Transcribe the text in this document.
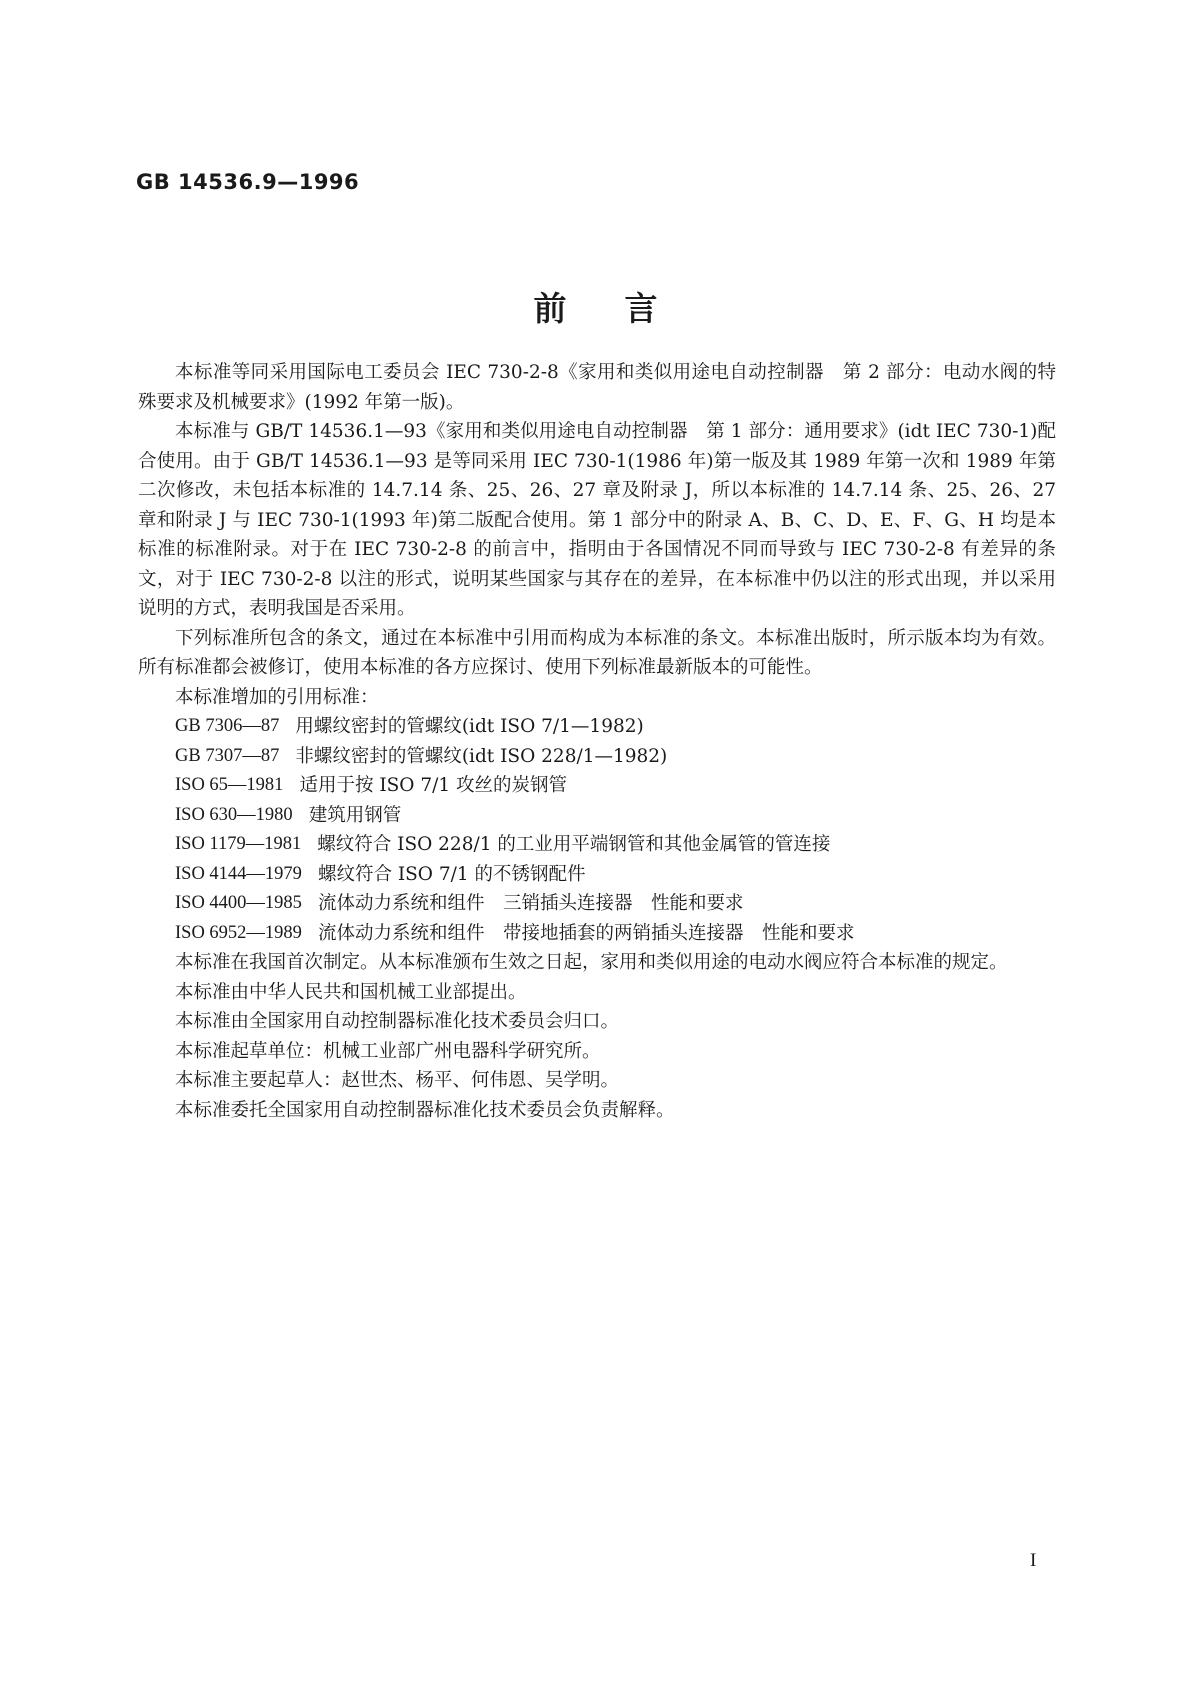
GB 14536.9—1996
前言

本标准等同采用国际电工委员会 IEC 730-2-8《家用和类似用途电自动控制器　第 2 部分：电动水阀的特殊要求及机械要求》(1992 年第一版)。

本标准与 GB/T 14536.1—93《家用和类似用途电自动控制器　第 1 部分：通用要求》(idt IEC 730-1)配合使用。由于 GB/T 14536.1—93 是等同采用 IEC 730-1(1986 年)第一版及其 1989 年第一次和 1989 年第二次修改，未包括本标准的 14.7.14 条、25、26、27 章及附录 J，所以本标准的 14.7.14 条、25、26、27 章和附录 J 与 IEC 730-1(1993 年)第二版配合使用。第 1 部分中的附录 A、B、C、D、E、F、G、H 均是本标准的标准附录。对于在 IEC 730-2-8 的前言中，指明由于各国情况不同而导致与 IEC 730-2-8 有差异的条文，对于 IEC 730-2-8 以注的形式，说明某些国家与其存在的差异，在本标准中仍以注的形式出现，并以采用说明的方式，表明我国是否采用。

下列标准所包含的条文，通过在本标准中引用而构成为本标准的条文。本标准出版时，所示版本均为有效。所有标准都会被修订，使用本标准的各方应探讨、使用下列标准最新版本的可能性。

本标准增加的引用标准：

GB 7306—87 用螺纹密封的管螺纹(idt ISO 7/1—1982)
GB 7307—87 非螺纹密封的管螺纹(idt ISO 228/1—1982)
ISO 65—1981 适用于按 ISO 7/1 攻丝的炭钢管
ISO 630—1980 建筑用钢管
ISO 1179—1981 螺纹符合 ISO 228/1 的工业用平端钢管和其他金属管的管连接
ISO 4144—1979 螺纹符合 ISO 7/1 的不锈钢配件
ISO 4400—1985 流体动力系统和组件　三销插头连接器　性能和要求
ISO 6952—1989 流体动力系统和组件　带接地插套的两销插头连接器　性能和要求

本标准在我国首次制定。从本标准颁布生效之日起，家用和类似用途的电动水阀应符合本标准的规定。

本标准由中华人民共和国机械工业部提出。

本标准由全国家用自动控制器标准化技术委员会归口。

本标准起草单位：机械工业部广州电器科学研究所。

本标准主要起草人：赵世杰、杨平、何伟恩、吴学明。

本标准委托全国家用自动控制器标准化技术委员会负责解释。

I
